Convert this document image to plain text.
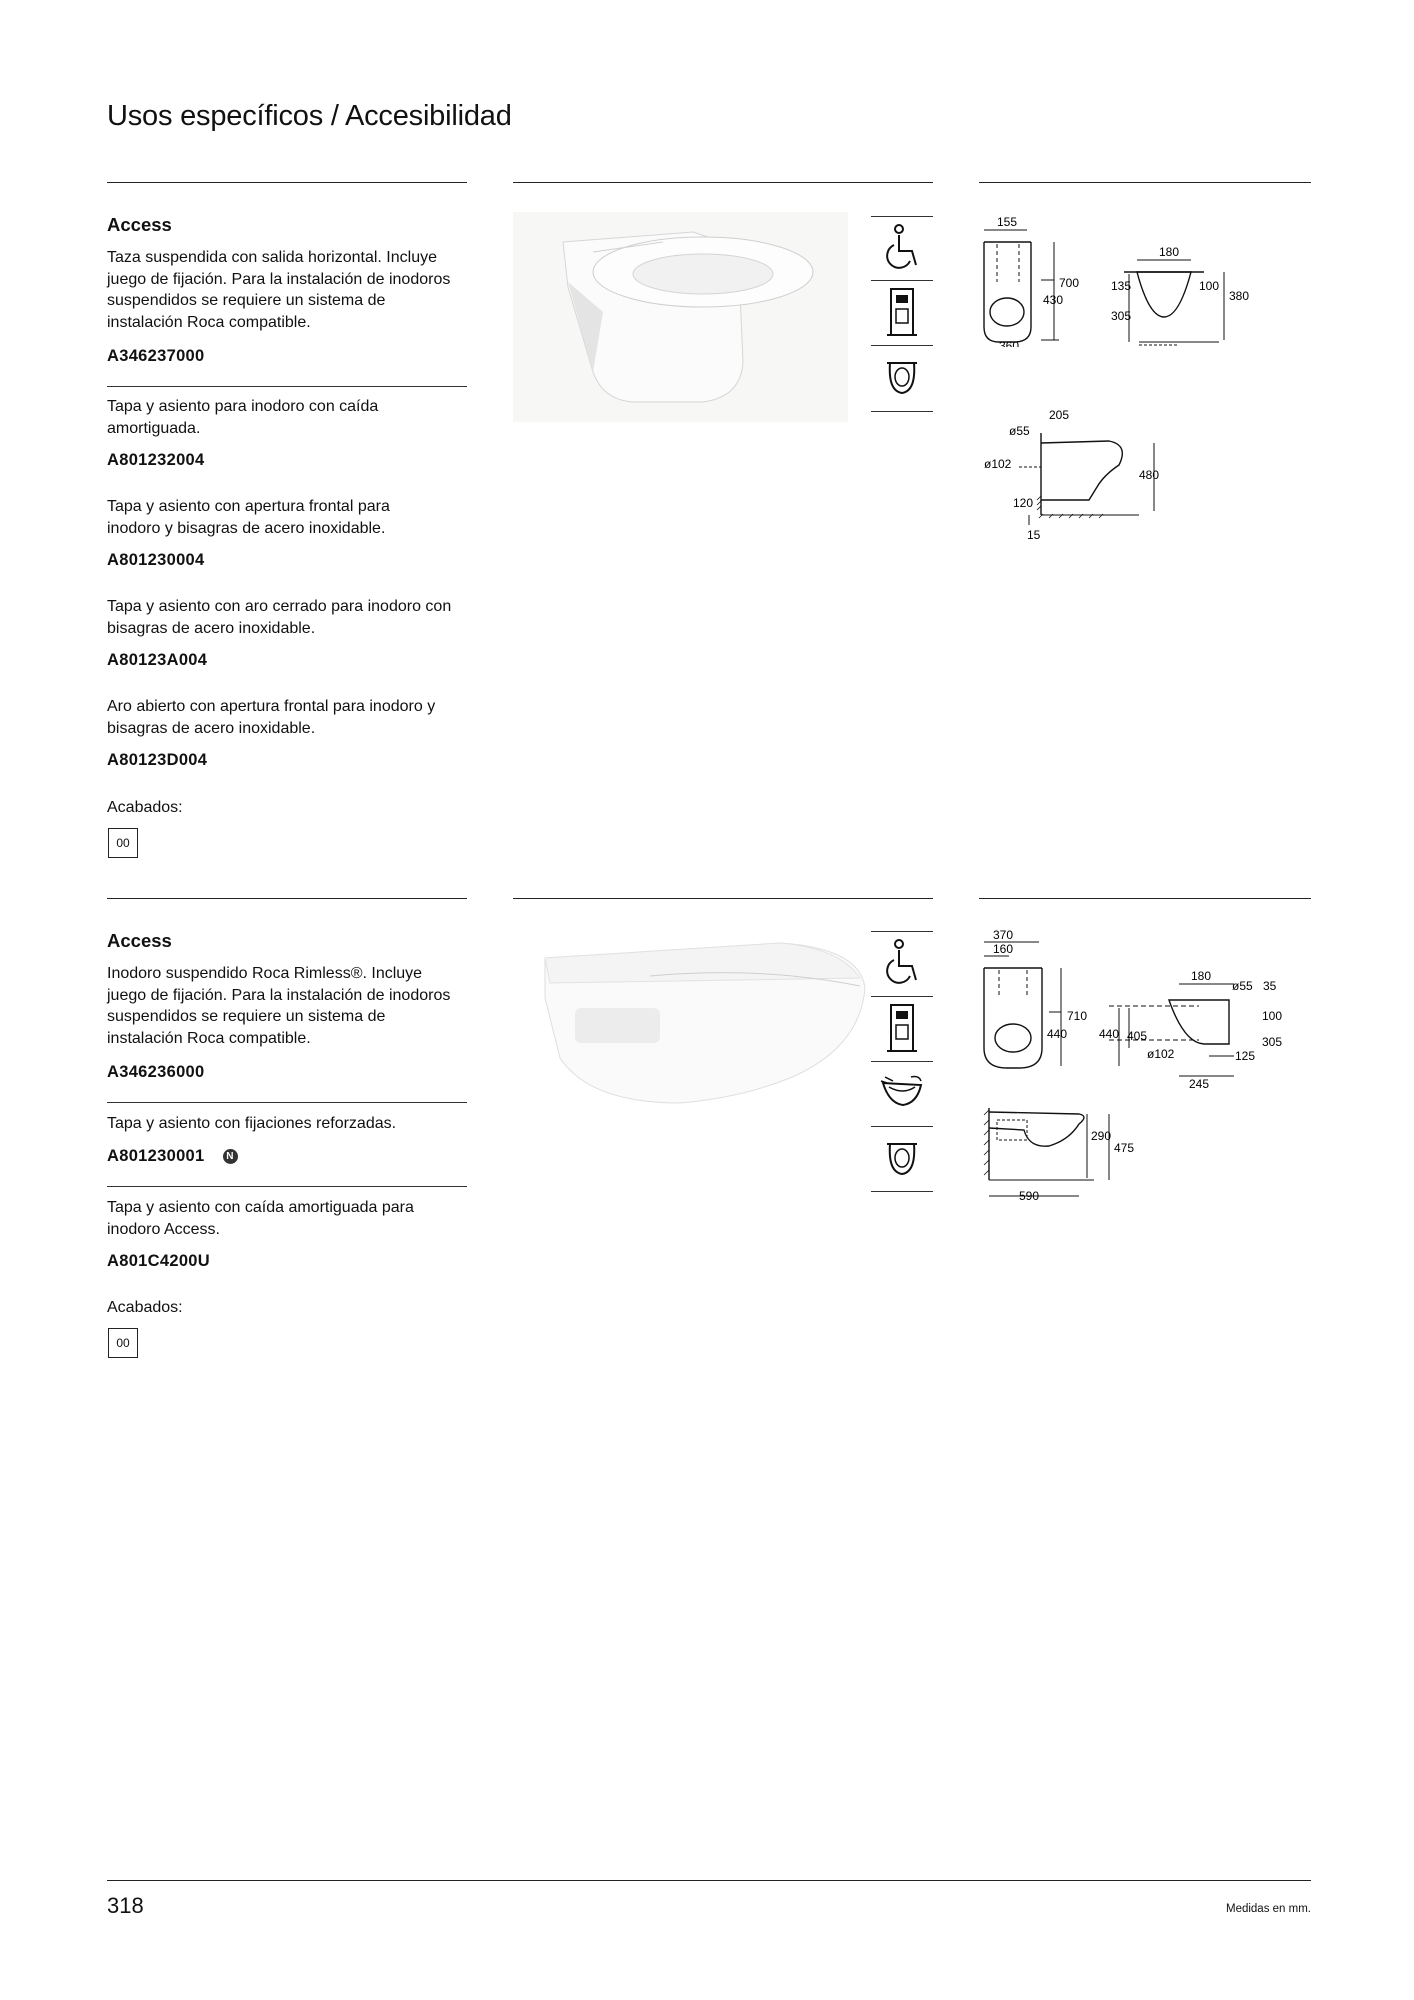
Usos específicos / Accesibilidad
Access
Taza suspendida con salida horizontal. Incluye juego de fijación. Para la instalación de inodoros suspendidos se requiere un sistema de instalación Roca compatible.
A346237000
Tapa y asiento para inodoro con caída amortiguada.
A801232004
Tapa y asiento con apertura frontal para inodoro y bisagras de acero inoxidable.
A801230004
Tapa y asiento con aro cerrado para inodoro con bisagras de acero inoxidable.
A80123A004
Aro abierto con apertura frontal para inodoro y bisagras de acero inoxidable.
A80123D004
Acabados:
00
155
700
430
360
180
135	100
380
305
205
ø55
ø102
480
120
15
Access
Inodoro suspendido Roca Rimless®. Incluye juego de fijación. Para la instalación de inodoros suspendidos se requiere un sistema de instalación Roca compatible.
A346236000
Tapa y asiento con fijaciones reforzadas.
A801230001 N
Tapa y asiento con caída amortiguada para inodoro Access.
A801C4200U
Acabados:
00
370
160
710
440
180
ø55 35
440 405
100
305
ø102	125
245
290
475
590
318	Medidas en mm.
